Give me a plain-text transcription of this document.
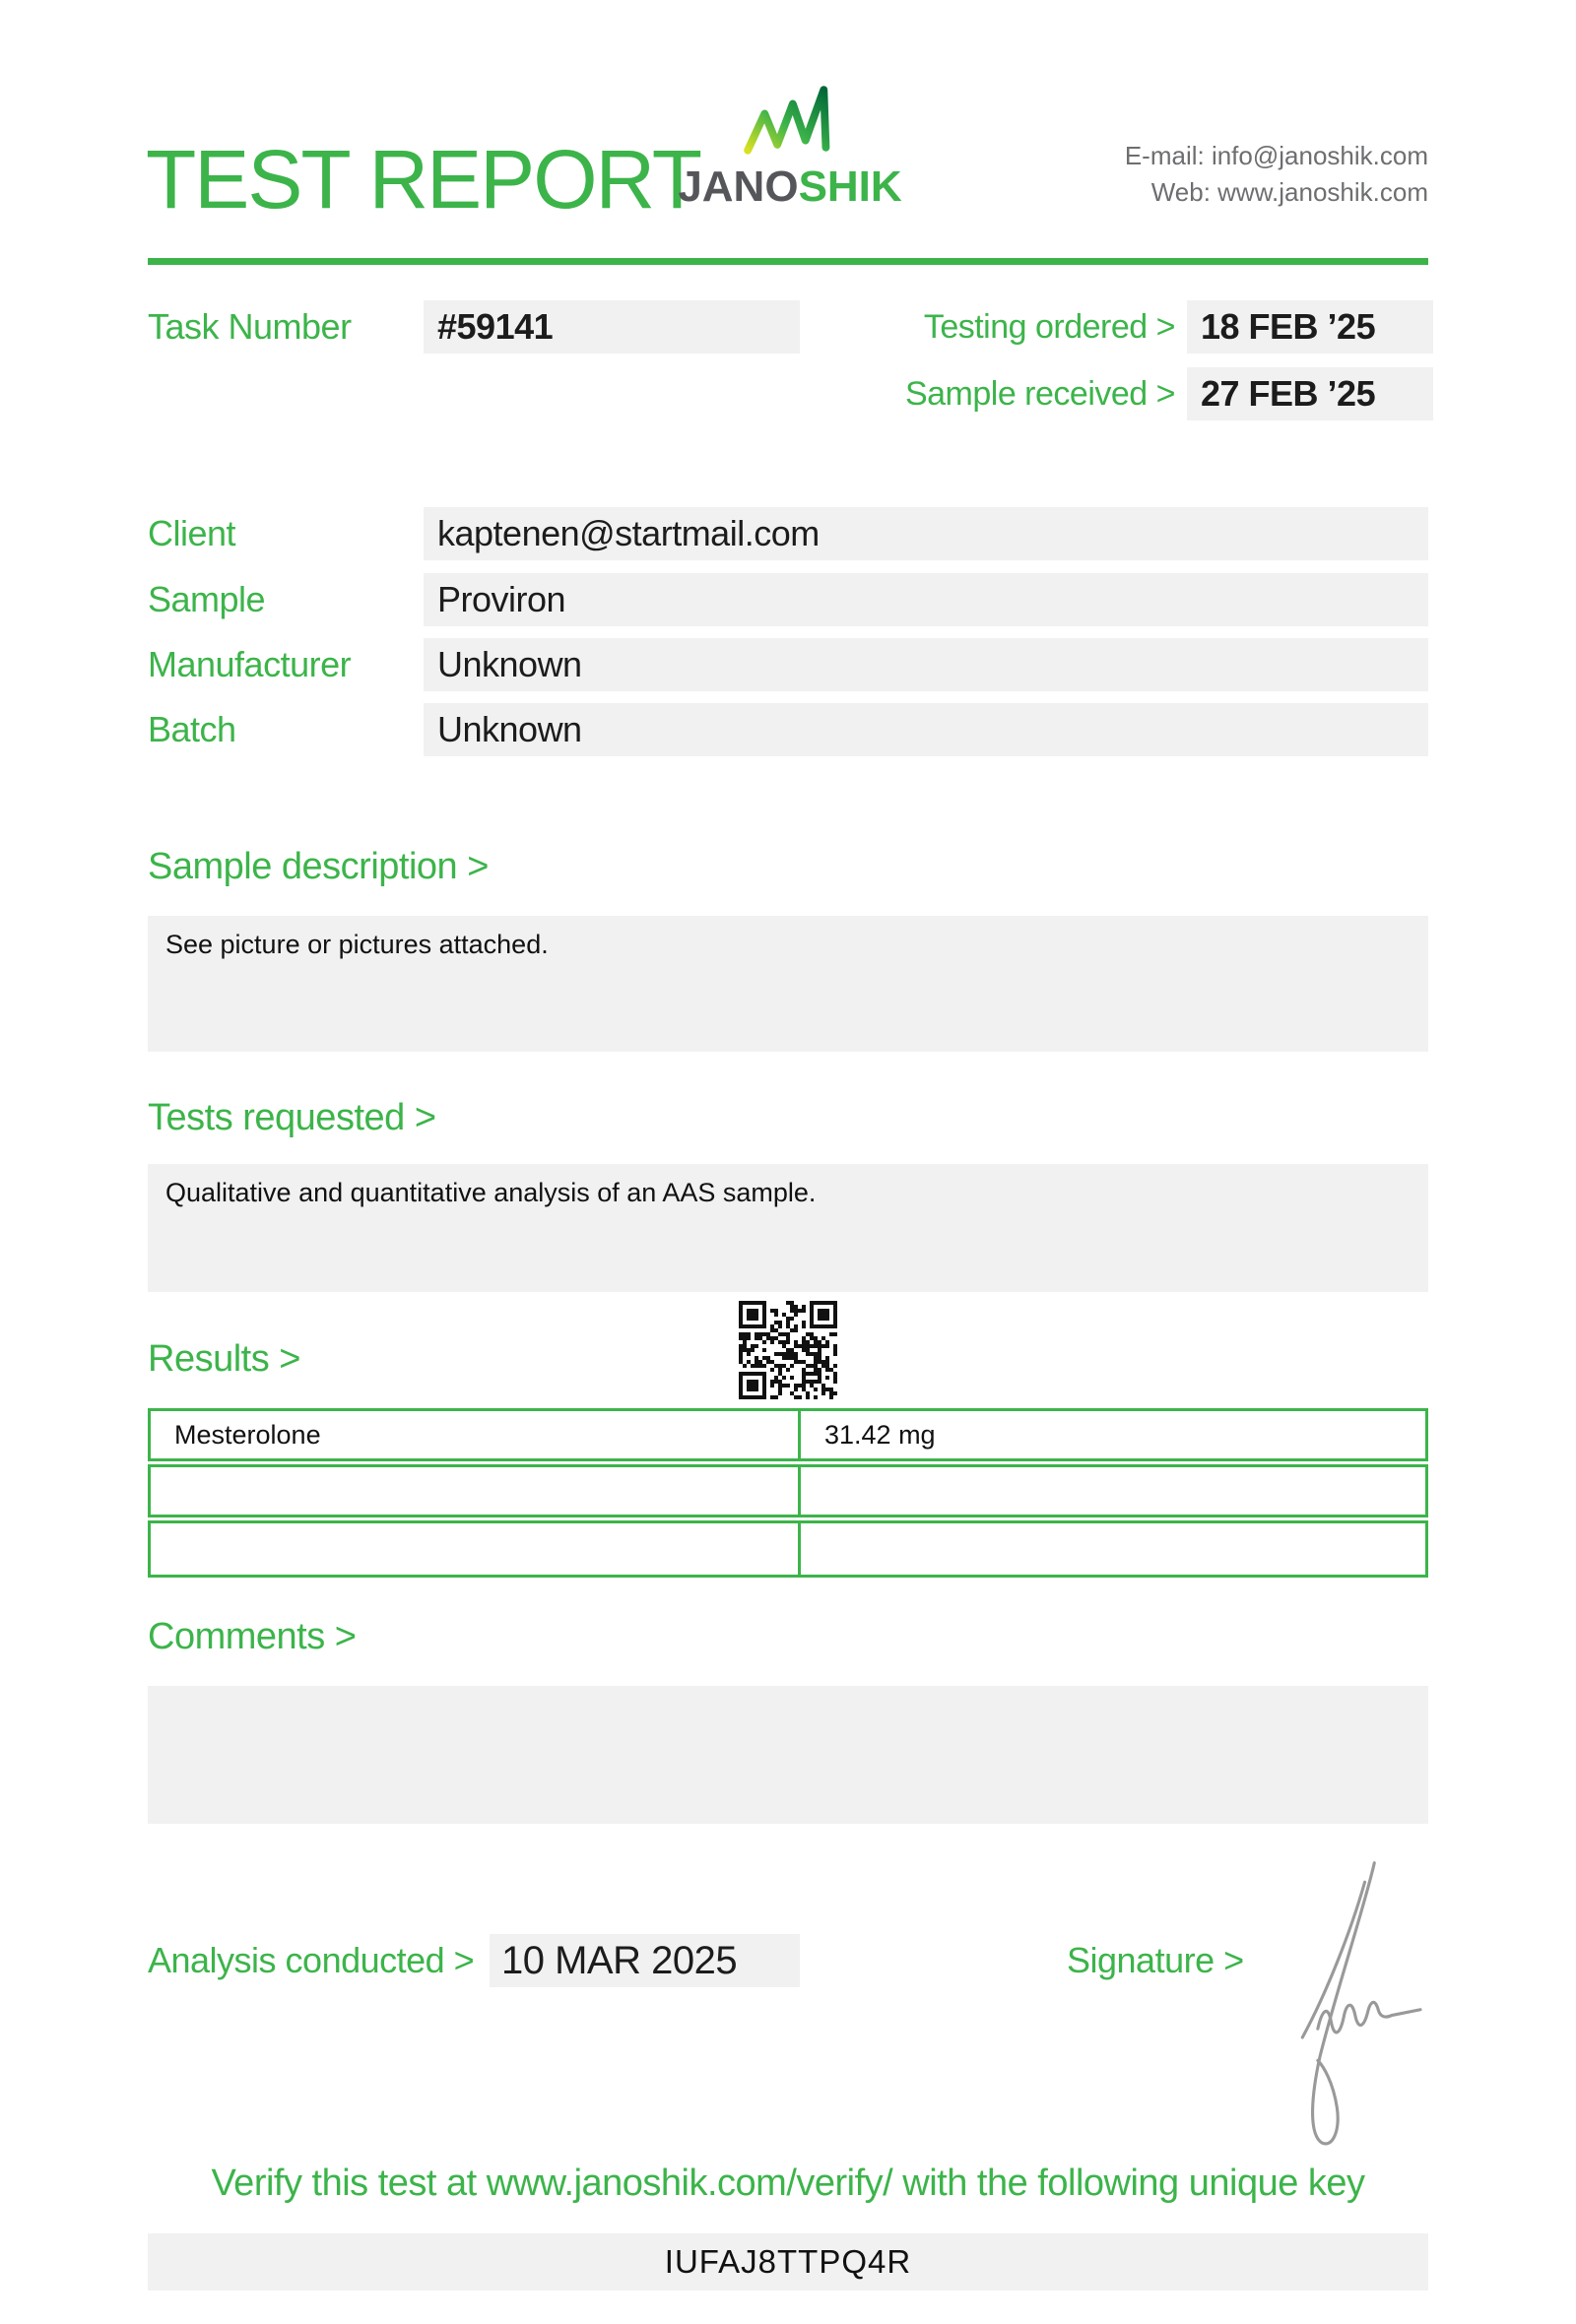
TEST REPORT
JANOSHIK
E-mail: info@janoshik.com
Web: www.janoshik.com
Task Number	#59141	Testing ordered > 18 FEB ’25
Sample received > 27 FEB ’25
Client	kaptenen@startmail.com
Sample	Proviron
Manufacturer	Unknown
Batch	Unknown
Sample description >
See picture or pictures attached.
Tests requested >
Qualitative and quantitative analysis of an AAS sample.
Results >
Mesterolone	31.42 mg
Comments >
Analysis conducted > 10 MAR 2025	Signature >
Verify this test at www.janoshik.com/verify/ with the following unique key
IUFAJ8TTPQ4R
